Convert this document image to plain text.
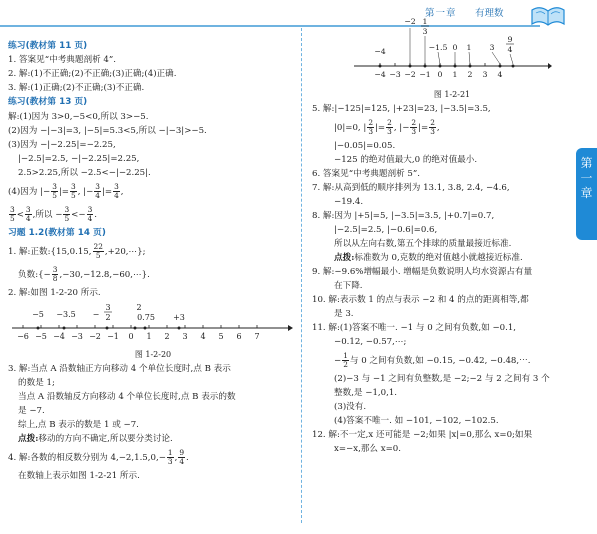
第一章 有理数
第
一
章
练习(教材第 11 页)
1. 答案见“中考典题剖析 4”.
2. 解:(1)不正确;(2)不正确;(3)正确;(4)正确.
3. 解:(1)正确;(2)不正确;(3)不正确.
练习(教材第 13 页)
解:(1)因为 3>0,−5<0,所以 3>−5.
(2)因为 −|−3|=3, |−5|=5.3<5,所以 −|−3|>−5.
(3)因为 −|−2.25|=−2.25,
|−2.5|=2.5, −|−2.25|=2.25,
2.5>2.25,所以 −2.5<−|−2.25|.
(4)因为 |− $\frac{3}{5}$ |= $\frac{3}{5}$ , |− $\frac{3}{4}$ |= $\frac{3}{4}$ ,
$\frac{3}{5} < \frac{3}{4}$ ,所以 − $\frac{3}{5} <- \frac{3}{4}$ .
习题 1.2(教材第 14 页)
1. 解:正数:{15,0.15, $\frac{22}{5}$ ,+20,⋯};
负数:{− $\frac{3}{8}$ ,−30,−12.8,−60,⋯}.
2. 解:如图 1-2-20 所示.
−5 −3.5 −
3
2
2
0.75 +3
−6 −5 −4 −3 −2 −1 0 1 2 3 4 5 6 7
图 1-2-20
3. 解:当点 A 沿数轴正方向移动 4 个单位长度时,点 B 表示
的数是 1;
当点 A 沿数轴反方向移动 4 个单位长度时,点 B 表示的数
是 −7.
综上,点 B 表示的数是 1 或 −7.
点拨:移动的方向不确定,所以要分类讨论.
4. 解:各数的相反数分别为 $4,-2,1.5,0,- \frac{1}{3}$ , $\frac{9}{4}$ .
在数轴上表示如图 1-2-21 所示.
−2 1
3
−4	−1.5 0 1 3
9
4
−4 −3 −2 −1 0 1 2 3 4
图 1-2-21
5. 解:|−125|=125, |+23|=23, |−3.5|=3.5,
|0|=0, | $\frac{2}{3}$ |= $\frac{2}{3}$ , |− $\frac{2}{3}$ |= $\frac{2}{3}$ ,
|−0.05|=0.05.
−125 的绝对值最大,0 的绝对值最小.
6. 答案见“中考典题剖析 5”.
7. 解:从高到低的顺序排列为 13.1, 3.8, 2.4, −4.6,
−19.4.
8. 解:因为 |+5|=5, |−3.5|=3.5, |+0.7|=0.7,
|−2.5|=2.5, |−0.6|=0.6,
所以从左向右数,第五个排球的质量最接近标准.
点拨:标准数为 0,克数的绝对值越小就越接近标准.
9. 解:−9.6%增幅最小. 增幅是负数说明人均水资源占有量
在下降.
10. 解:表示数 1 的点与表示 −2 和 4 的点的距离相等,都
是 3.
11. 解:(1)答案不唯一. −1 与 0 之间有负数,如 −0.1,
−0.12, −0.57,⋯;
− $\frac{1}{2}$ 与 0 之间有负数,如 −0.15, −0.42, −0.48,⋯.
(2)−3 与 −1 之间有负整数,是 −2;−2 与 2 之间有 3 个
整数,是 −1,0,1.
(3)没有.
(4)答案不唯一. 如 −101, −102, −102.5.
12. 解:不一定,x 还可能是 −2;如果 |x|=0,那么 x=0;如果
x=−x,那么 x=0.
